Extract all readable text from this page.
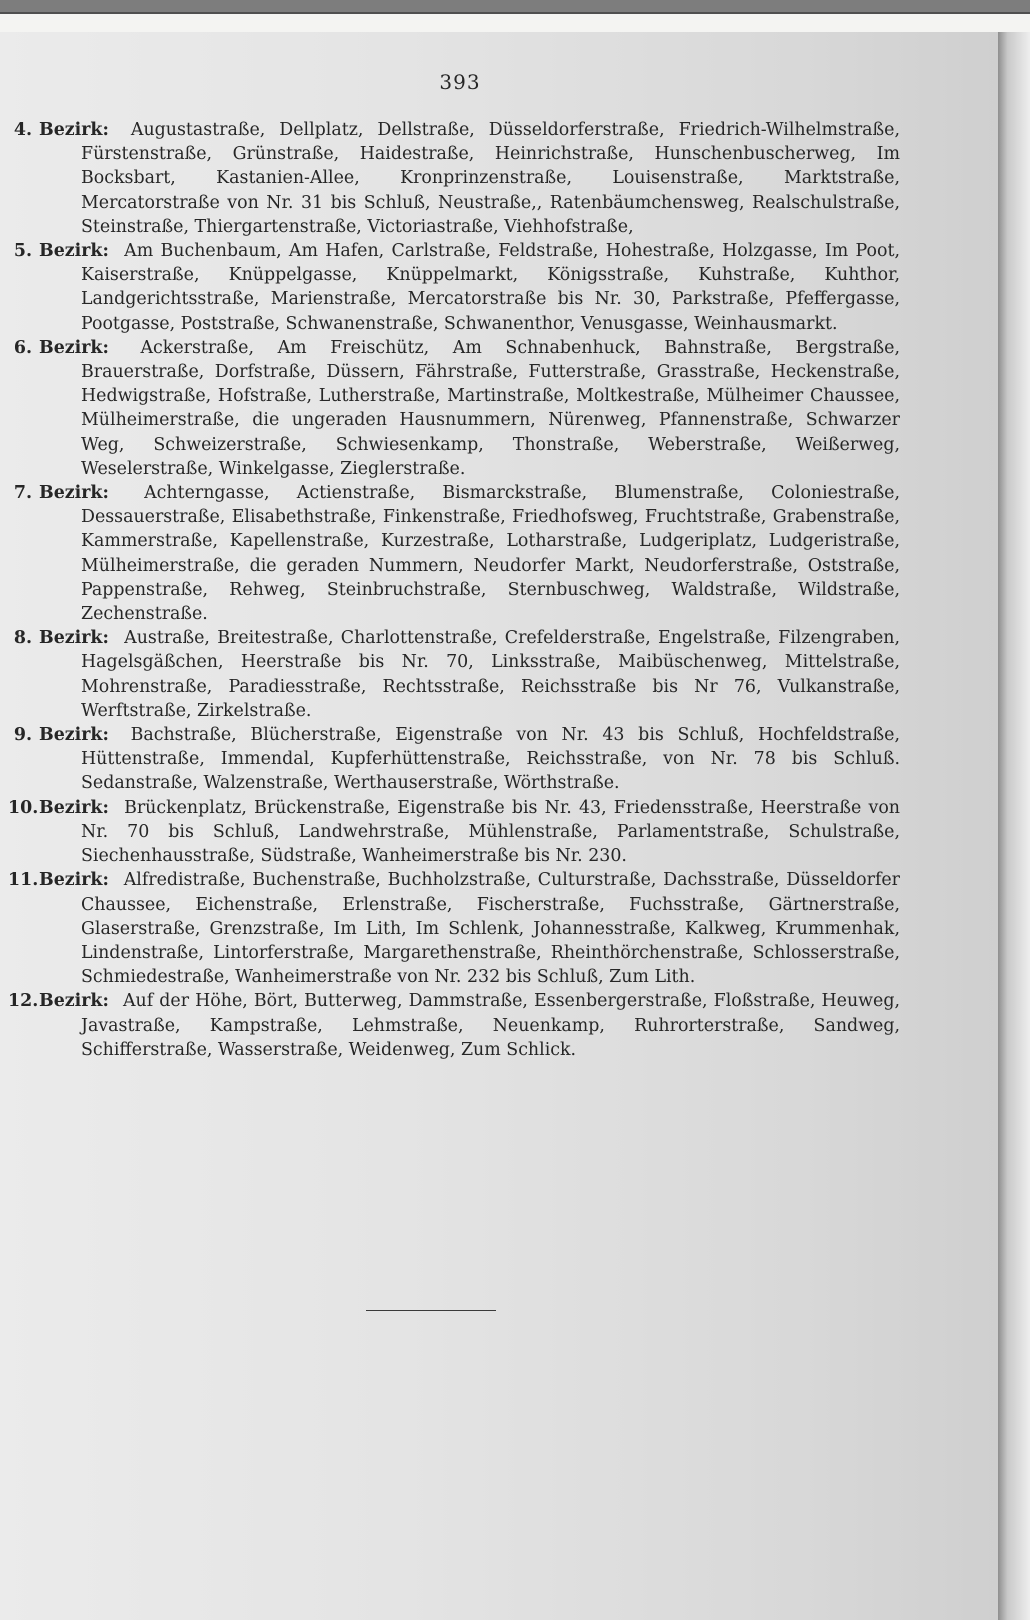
393

4. Bezirk: Augustastraße, Dellplatz, Dellstraße, Düsseldorferstraße, Friedrich-Wilhelmstraße, Fürstenstraße, Grünstraße, Haidestraße, Heinrichstraße, Hunschenbuscherweg, Im Bocksbart, Kastanien-Allee, Kronprinzenstraße, Louisenstraße, Marktstraße, Mercatorstraße von Nr. 31 bis Schluß, Neustraße,, Ratenbäumchensweg, Realschulstraße, Steinstraße, Thiergartenstraße, Victoriastraße, Viehhofstraße,

5. Bezirk: Am Buchenbaum, Am Hafen, Carlstraße, Feldstraße, Hohestraße, Holzgasse, Im Poot, Kaiserstraße, Knüppelgasse, Knüppelmarkt, Königsstraße, Kuhstraße, Kuhthor, Landgerichtsstraße, Marienstraße, Mercatorstraße bis Nr. 30, Parkstraße, Pfeffergasse, Pootgasse, Poststraße, Schwanenstraße, Schwanenthor, Venusgasse, Weinhausmarkt.

6. Bezirk: Ackerstraße, Am Freischütz, Am Schnabenhuck, Bahnstraße, Bergstraße, Brauerstraße, Dorfstraße, Düssern, Fährstraße, Futterstraße, Grasstraße, Heckenstraße, Hedwigstraße, Hofstraße, Lutherstraße, Martinstraße, Moltkestraße, Mülheimer Chaussee, Mülheimerstraße, die ungeraden Hausnummern, Nürenweg, Pfannenstraße, Schwarzer Weg, Schweizerstraße, Schwiesenkamp, Thonstraße, Weberstraße, Weißerweg, Weselerstraße, Winkelgasse, Zieglerstraße.

7. Bezirk: Achterngasse, Actienstraße, Bismarckstraße, Blumenstraße, Coloniestraße, Dessauerstraße, Elisabethstraße, Finkenstraße, Friedhofsweg, Fruchtstraße, Grabenstraße, Kammerstraße, Kapellenstraße, Kurzestraße, Lotharstraße, Ludgeriplatz, Ludgeristraße, Mülheimerstraße, die geraden Nummern, Neudorfer Markt, Neudorferstraße, Oststraße, Pappenstraße, Rehweg, Steinbruchstraße, Sternbuschweg, Waldstraße, Wildstraße, Zechenstraße.

8. Bezirk: Austraße, Breitestraße, Charlottenstraße, Crefelderstraße, Engelstraße, Filzengraben, Hagelsgäßchen, Heerstraße bis Nr. 70, Linksstraße, Maibüschenweg, Mittelstraße, Mohrenstraße, Paradiesstraße, Rechtsstraße, Reichsstraße bis Nr 76, Vulkanstraße, Werftstraße, Zirkelstraße.

9. Bezirk: Bachstraße, Blücherstraße, Eigenstraße von Nr. 43 bis Schluß, Hochfeldstraße, Hüttenstraße, Immendal, Kupferhüttenstraße, Reichsstraße, von Nr. 78 bis Schluß. Sedanstraße, Walzenstraße, Werthauserstraße, Wörthstraße.

10. Bezirk: Brückenplatz, Brückenstraße, Eigenstraße bis Nr. 43, Friedensstraße, Heerstraße von Nr. 70 bis Schluß, Landwehrstraße, Mühlenstraße, Parlamentstraße, Schulstraße, Siechenhausstraße, Südstraße, Wanheimerstraße bis Nr. 230.

11. Bezirk: Alfredistraße, Buchenstraße, Buchholzstraße, Culturstraße, Dachsstraße, Düsseldorfer Chaussee, Eichenstraße, Erlenstraße, Fischerstraße, Fuchsstraße, Gärtnerstraße, Glaserstraße, Grenzstraße, Im Lith, Im Schlenk, Johannesstraße, Kalkweg, Krummenhak, Lindenstraße, Lintorferstraße, Margarethenstraße, Rheinthörchenstraße, Schlosserstraße, Schmiedestraße, Wanheimerstraße von Nr. 232 bis Schluß, Zum Lith.

12. Bezirk: Auf der Höhe, Bört, Butterweg, Dammstraße, Essenbergerstraße, Floßstraße, Heuweg, Javastraße, Kampstraße, Lehmstraße, Neuenkamp, Ruhrorterstraße, Sandweg, Schifferstraße, Wasserstraße, Weidenweg, Zum Schlick.
